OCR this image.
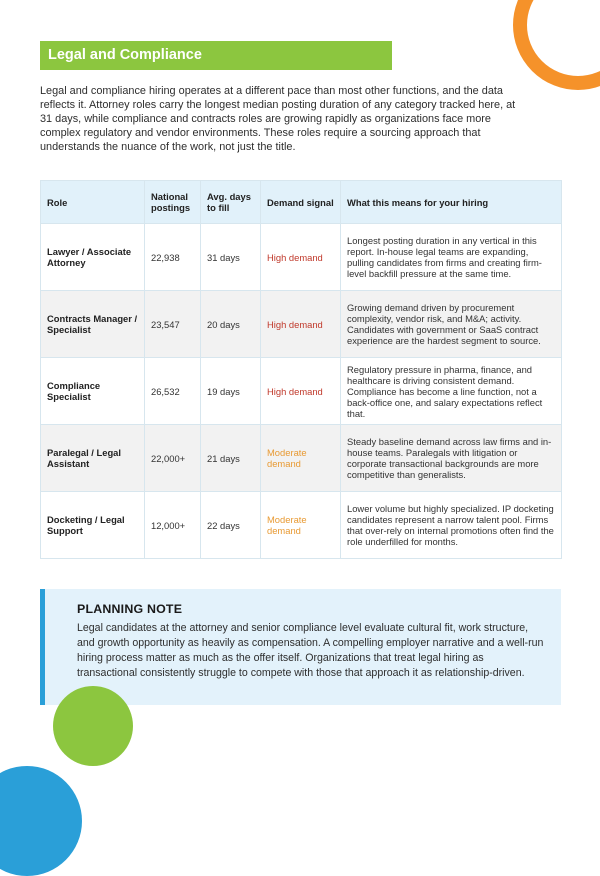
Legal and Compliance

Legal and compliance hiring operates at a different pace than most other functions, and the data reflects it. Attorney roles carry the longest median posting duration of any category tracked here, at 31 days, while compliance and contracts roles are growing rapidly as organizations face more complex regulatory and vendor environments. These roles require a sourcing approach that understands the nuance of the work, not just the title.

Role	National postings	Avg. days to fill	Demand signal	What this means for your hiring
Lawyer / Associate Attorney	22,938	31 days	High demand	Longest posting duration in any vertical in this report. In-house legal teams are expanding, pulling candidates from firms and creating firm-level backfill pressure at the same time.
Contracts Manager / Specialist	23,547	20 days	High demand	Growing demand driven by procurement complexity, vendor risk, and M&A; activity. Candidates with government or SaaS contract experience are the hardest segment to source.
Compliance Specialist	26,532	19 days	High demand	Regulatory pressure in pharma, finance, and healthcare is driving consistent demand. Compliance has become a line function, not a back-office one, and salary expectations reflect that.
Paralegal / Legal Assistant	22,000+	21 days	Moderate demand	Steady baseline demand across law firms and in-house teams. Paralegals with litigation or corporate transactional backgrounds are more competitive than generalists.
Docketing / Legal Support	12,000+	22 days	Moderate demand	Lower volume but highly specialized. IP docketing candidates represent a narrow talent pool. Firms that over-rely on internal promotions often find the role underfilled for months.

PLANNING NOTE

Legal candidates at the attorney and senior compliance level evaluate cultural fit, work structure, and growth opportunity as heavily as compensation. A compelling employer narrative and a well-run hiring process matter as much as the offer itself. Organizations that treat legal hiring as transactional consistently struggle to compete with those that approach it as relationship-driven.
